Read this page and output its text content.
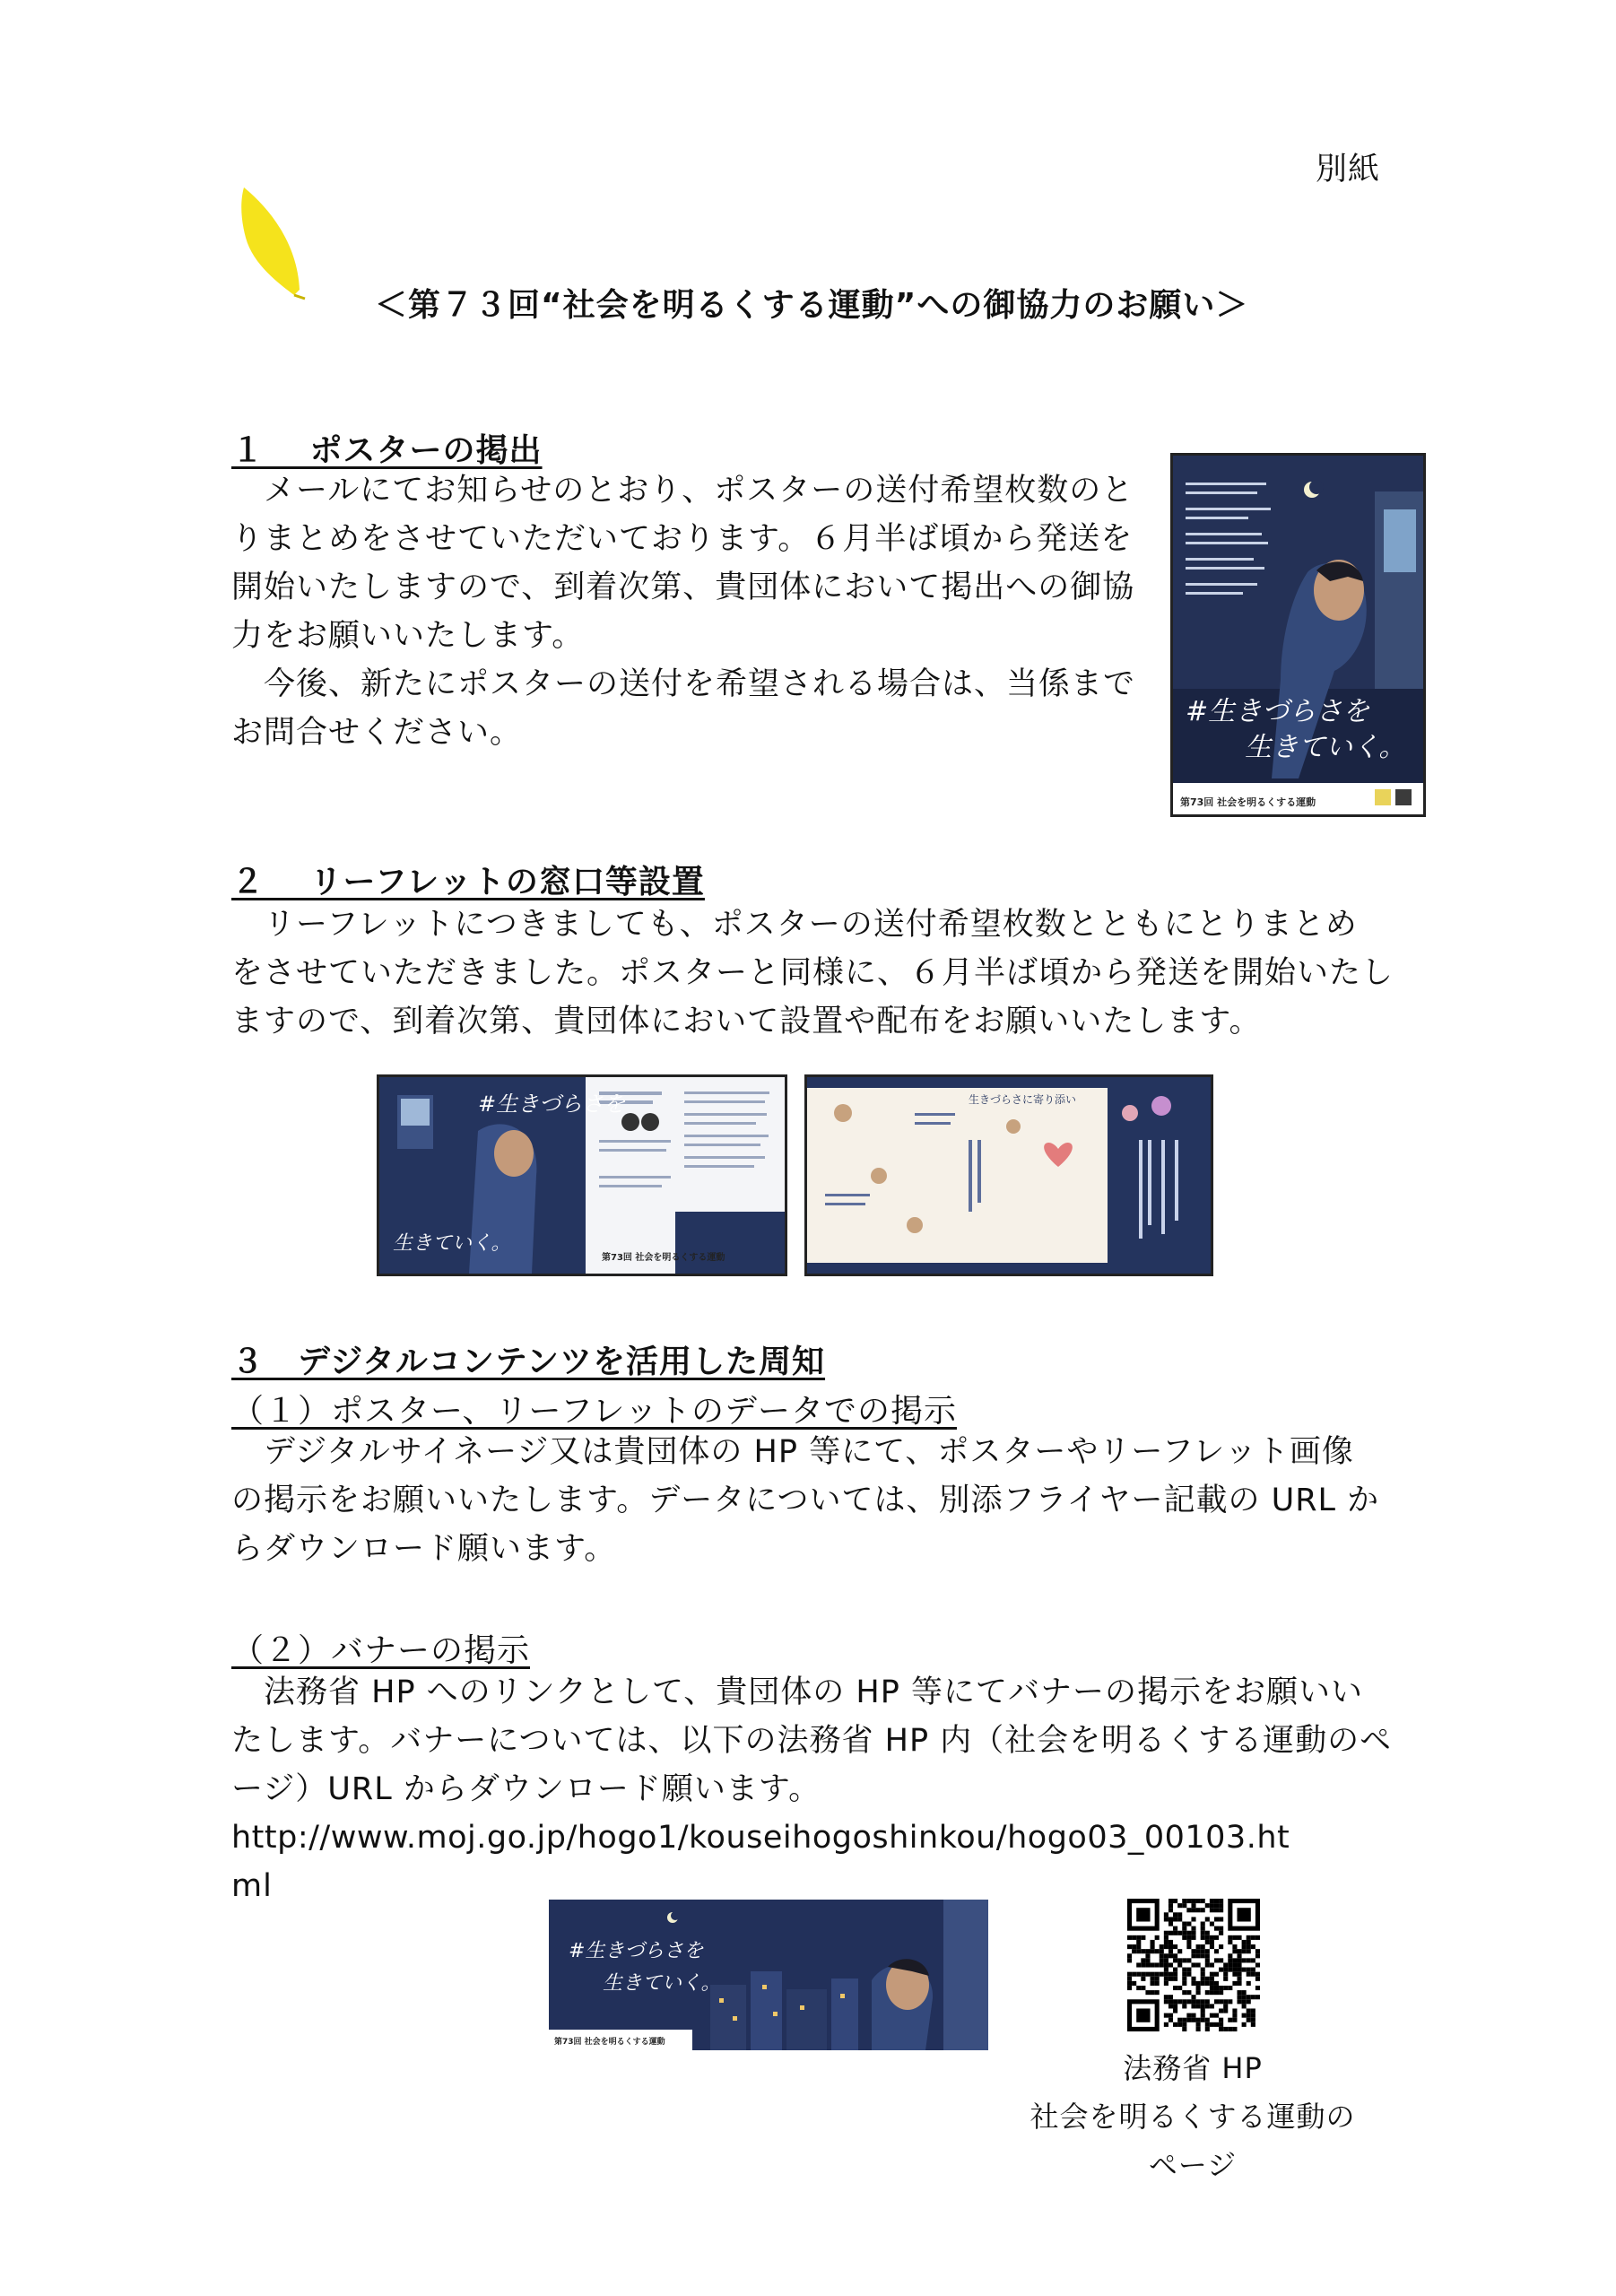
別紙
＜第７３回“社会を明るくする運動”への御協力のお願い＞
１　 ポスターの掲出
　メールにてお知らせのとおり、ポスターの送付希望枚数のと
りまとめをさせていただいております。６月半ば頃から発送を
開始いたしますので、到着次第、貴団体において掲出への御協
力をお願いいたします。
　今後、新たにポスターの送付を希望される場合は、当係まで
お問合せください。
#生きづらさを
生きていく。
第73回 社会を明るくする運動
２　 リーフレットの窓口等設置
　リーフレットにつきましても、ポスターの送付希望枚数とともにとりまとめ
をさせていただきました。ポスターと同様に、６月半ば頃から発送を開始いたし
ますので、到着次第、貴団体において設置や配布をお願いいたします。
#生きづらさを
生きていく。
第73回 社会を明るくする運動
生きづらさに寄り添い
３　デジタルコンテンツを活用した周知
（１）ポスター、リーフレットのデータでの掲示
　デジタルサイネージ又は貴団体の HP 等にて、ポスターやリーフレット画像
の掲示をお願いいたします。データについては、別添フライヤー記載の URL か
らダウンロード願います。
（２）バナーの掲示
　法務省 HP へのリンクとして、貴団体の HP 等にてバナーの掲示をお願いい
たします。バナーについては、以下の法務省 HP 内（社会を明るくする運動のペ
ージ）URL からダウンロード願います。
http://www.moj.go.jp/hogo1/kouseihogoshinkou/hogo03_00103.ht
ml
#生きづらさを
生きていく。
第73回 社会を明るくする運動
法務省 HP
社会を明るくする運動の
ページ
